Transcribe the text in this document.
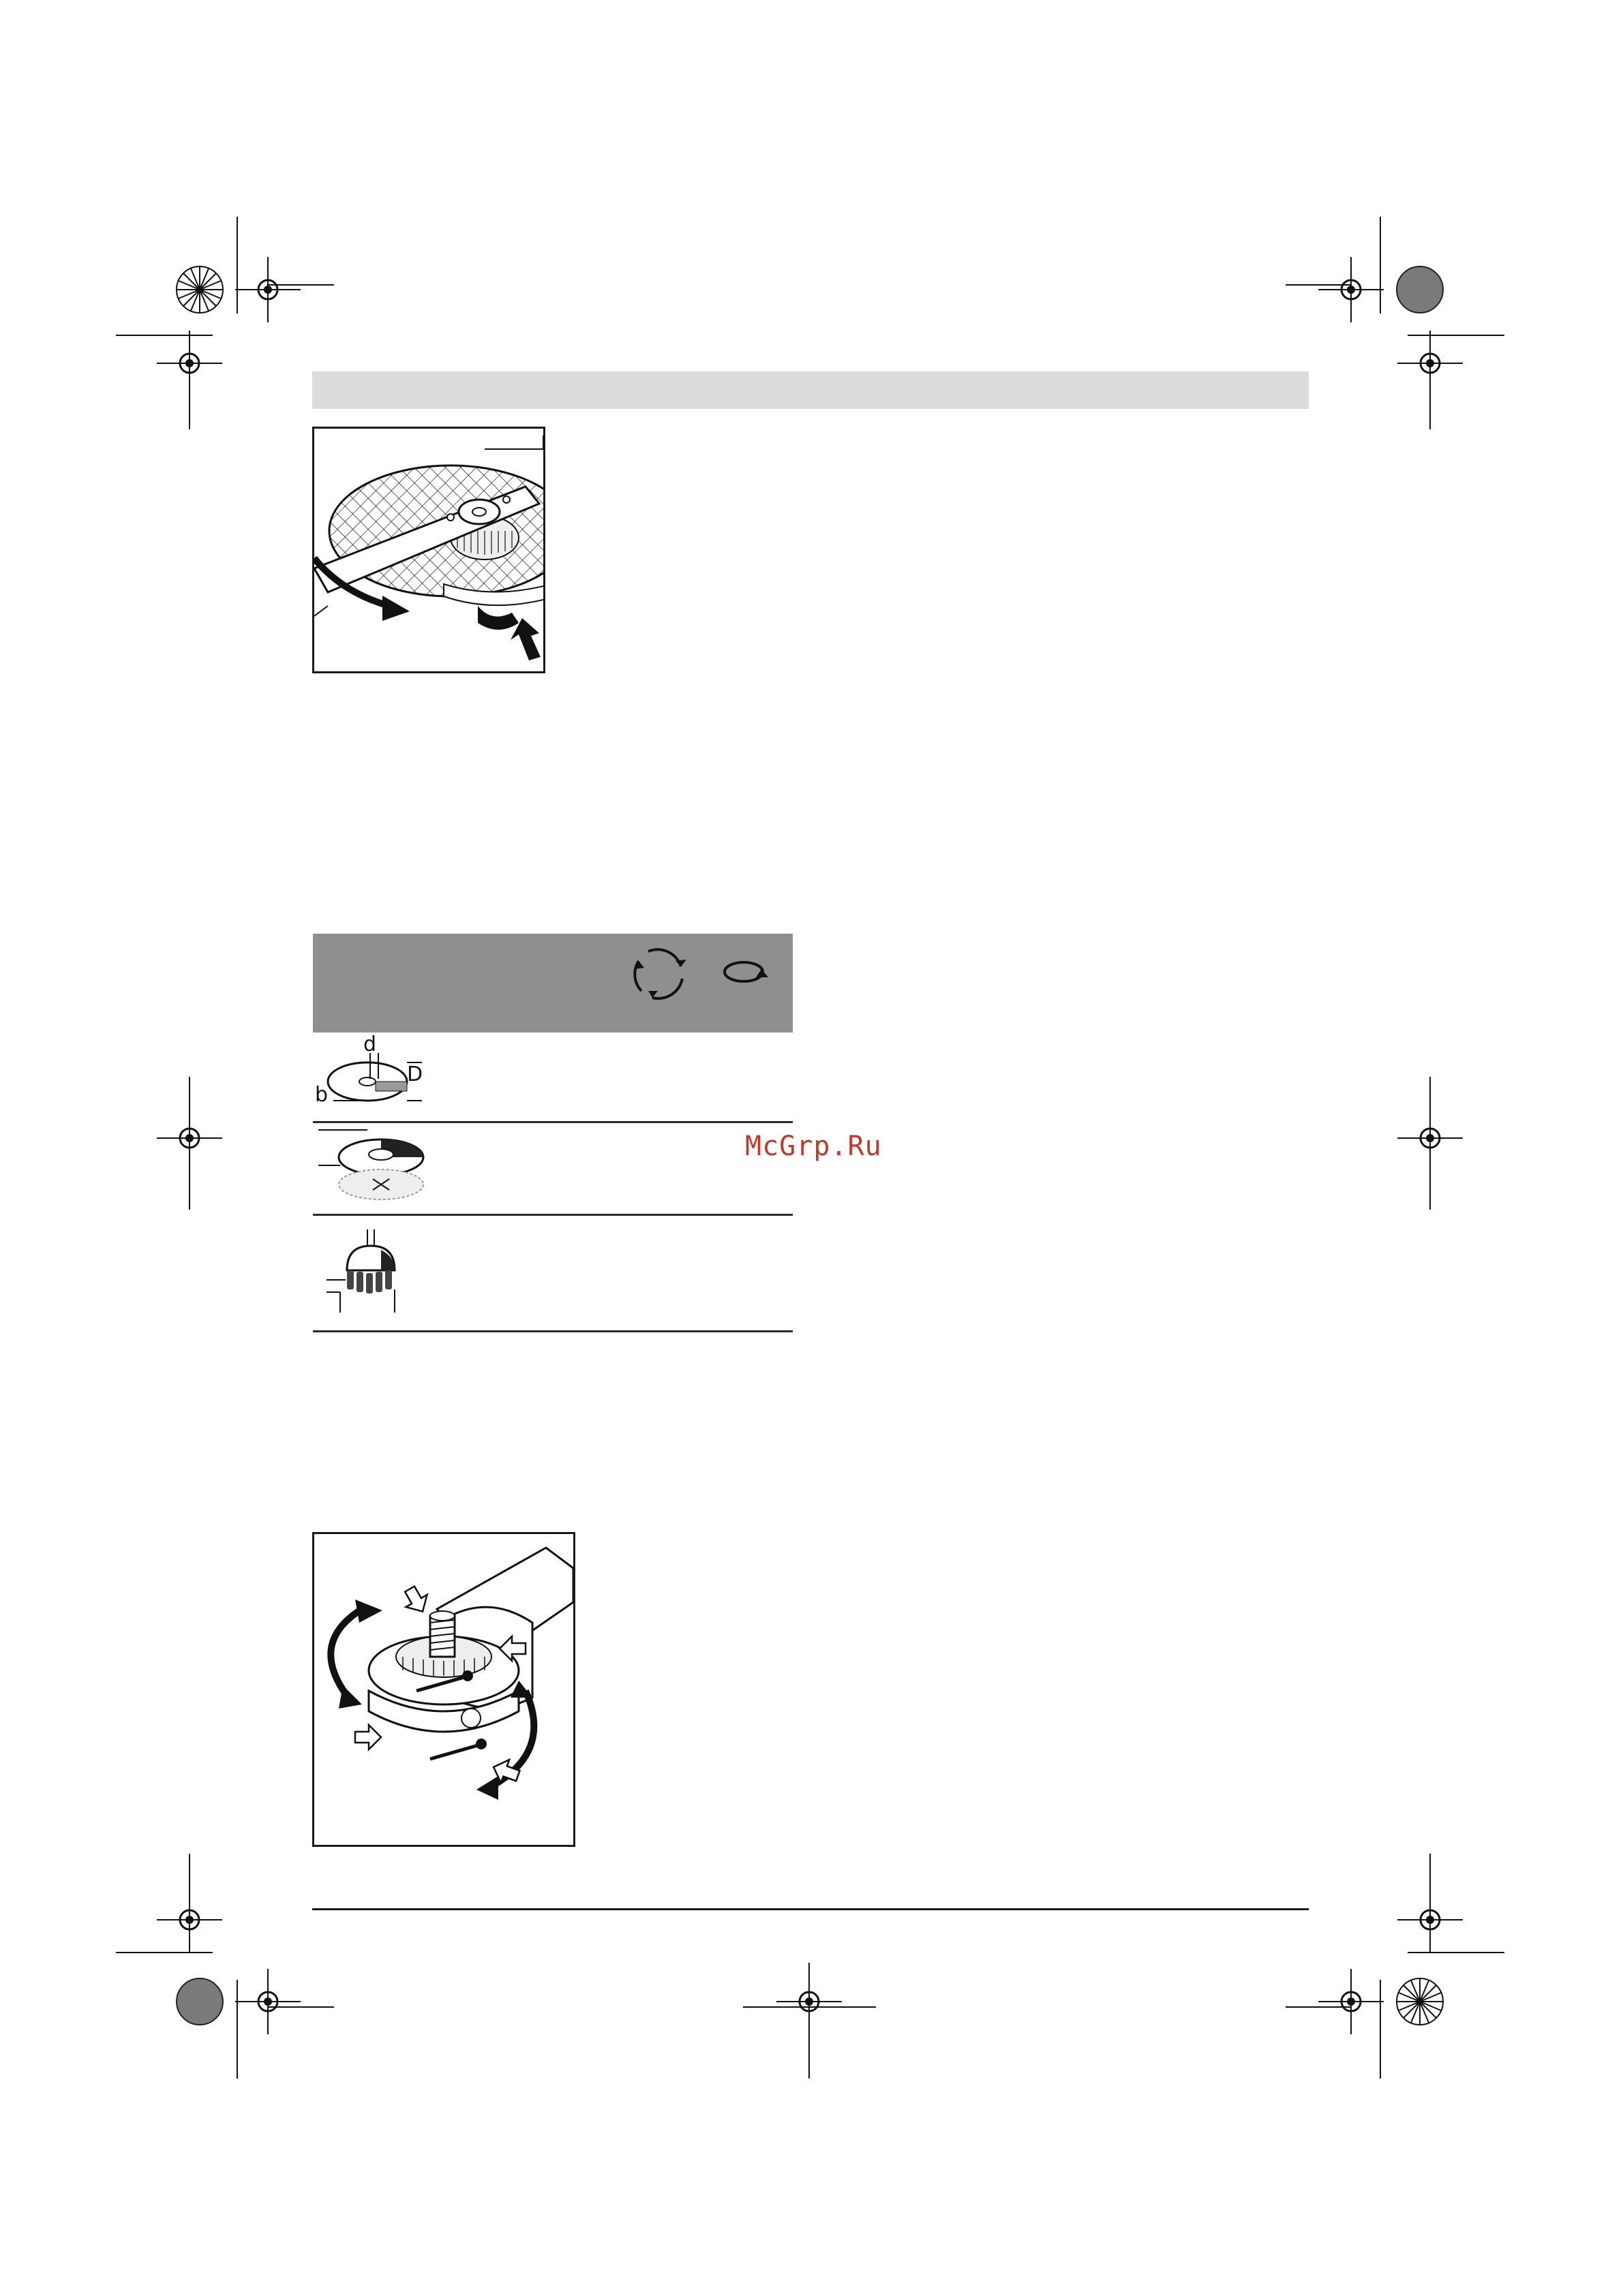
d
D
b
McGrp.Ru
